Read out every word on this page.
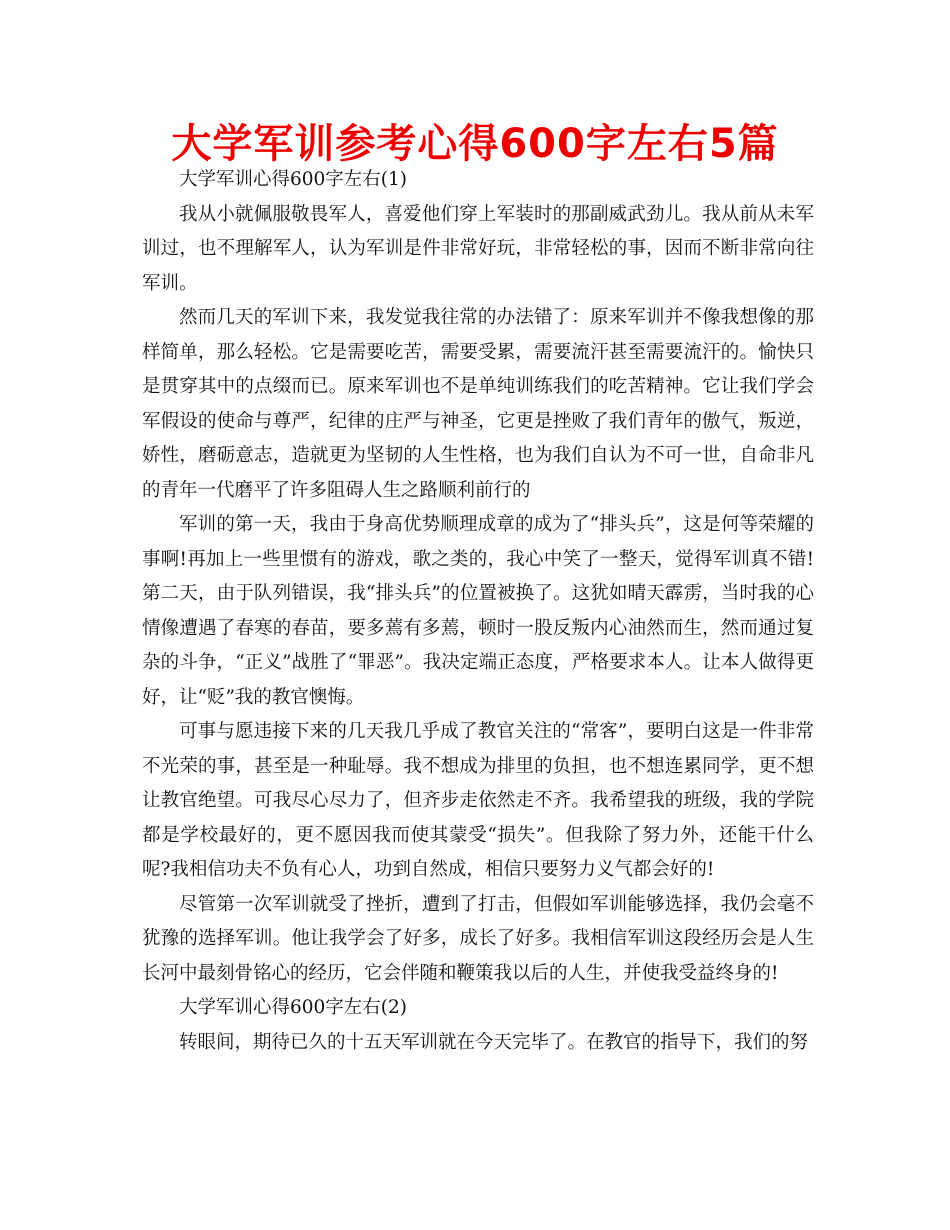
大学军训参考心得600字左右5篇

大学军训心得600字左右(1)

我从小就佩服敬畏军人，喜爱他们穿上军装时的那副威武劲儿。我从前从未军训过，也不理解军人，认为军训是件非常好玩，非常轻松的事，因而不断非常向往军训。

然而几天的军训下来，我发觉我往常的办法错了：原来军训并不像我想像的那样简单，那么轻松。它是需要吃苦，需要受累，需要流汗甚至需要流汗的。愉快只是贯穿其中的点缀而已。原来军训也不是单纯训练我们的吃苦精神。它让我们学会军假设的使命与尊严，纪律的庄严与神圣，它更是挫败了我们青年的傲气，叛逆，娇性，磨砺意志，造就更为坚韧的人生性格，也为我们自认为不可一世，自命非凡的青年一代磨平了许多阻碍人生之路顺利前行的

军训的第一天，我由于身高优势顺理成章的成为了“排头兵”，这是何等荣耀的事啊!再加上一些里惯有的游戏，歌之类的，我心中笑了一整天，觉得军训真不错!第二天，由于队列错误，我“排头兵”的位置被换了。这犹如晴天霹雳，当时我的心情像遭遇了春寒的春苗，要多蔫有多蔫，顿时一股反叛内心油然而生，然而通过复杂的斗争，“正义”战胜了“罪恶”。我决定端正态度，严格要求本人。让本人做得更好，让“贬”我的教官懊悔。

可事与愿违接下来的几天我几乎成了教官关注的“常客”，要明白这是一件非常不光荣的事，甚至是一种耻辱。我不想成为排里的负担，也不想连累同学，更不想让教官绝望。可我尽心尽力了，但齐步走依然走不齐。我希望我的班级，我的学院都是学校最好的，更不愿因我而使其蒙受“损失”。但我除了努力外，还能干什么呢?我相信功夫不负有心人，功到自然成，相信只要努力义气都会好的!

尽管第一次军训就受了挫折，遭到了打击，但假如军训能够选择，我仍会毫不犹豫的选择军训。他让我学会了好多，成长了好多。我相信军训这段经历会是人生长河中最刻骨铭心的经历，它会伴随和鞭策我以后的人生，并使我受益终身的!

大学军训心得600字左右(2)

转眼间，期待已久的十五天军训就在今天完毕了。在教官的指导下，我们的努
